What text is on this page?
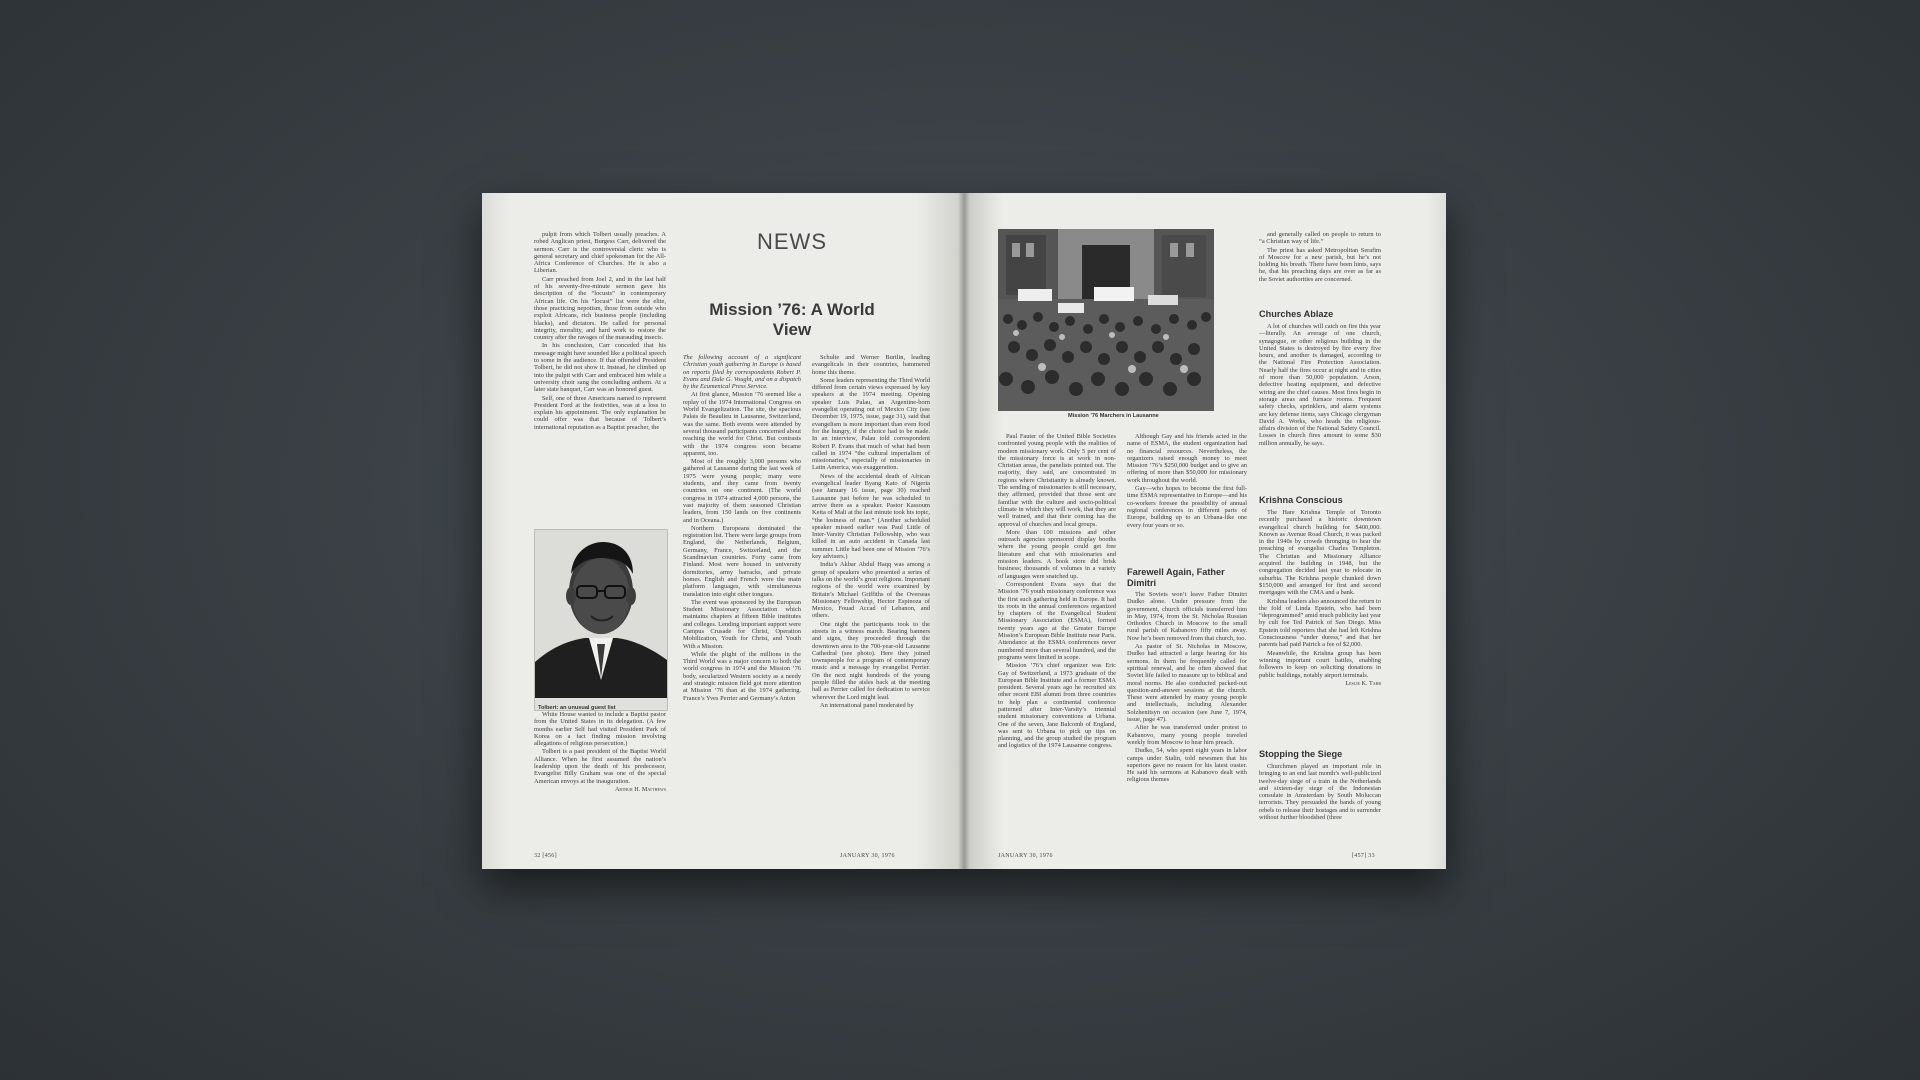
pulpit from which Tolbert usually preaches. A robed Anglican priest, Burgess Carr, delivered the sermon. Carr is the controversial cleric who is general secretary and chief spokesman for the All-Africa Conference of Churches. He is also a Liberian.

Carr preached from Joel 2, and in the last half of his seventy-five-minute sermon gave his description of the “locusts” in contemporary African life. On his “locust” list were the elite, those practicing nepotism, those from outside who exploit Africans, rich business people (including blacks), and dictators. He called for personal integrity, morality, and hard work to restore the country after the ravages of the marauding insects.

In his conclusion, Carr conceded that his message might have sounded like a political speech to some in the audience. If that offended President Tolbert, he did not show it. Instead, he climbed up into the pulpit with Carr and embraced him while a university choir sang the concluding anthem. At a later state banquet, Carr was an honored guest.

Self, one of three Americans named to represent President Ford at the festivities, was at a loss to explain his appointment. The only explanation he could offer was that because of Tolbert’s international reputation as a Baptist preacher, the

Tolbert: an unusual guest list

White House wanted to include a Baptist pastor from the United States in its delegation. (A few months earlier Self had visited President Park of Korea on a fact finding mission involving allegations of religious persecution.)

Tolbert is a past president of the Baptist World Alliance. When he first assumed the nation’s leadership upon the death of his predecessor, Evangelist Billy Graham was one of the special American envoys at the inauguration.

Arthur H. Matthews
NEWS
Mission ’76: A World View

The following account of a significant Christian youth gathering in Europe is based on reports filed by correspondents Robert P. Evans and Dale G. Vought, and on a dispatch by the Ecumenical Press Service.

At first glance, Mission ’76 seemed like a replay of the 1974 International Congress on World Evangelization. The site, the spacious Palais de Beaulieu in Lausanne, Switzerland, was the same. Both events were attended by several thousand participants concerned about reaching the world for Christ. But contrasts with the 1974 congress soon became apparent, too.

Most of the roughly 3,000 persons who gathered at Lausanne during the last week of 1975 were young people; many were students, and they came from twenty countries on one continent. (The world congress in 1974 attracted 4,000 persons, the vast majority of them seasoned Christian leaders, from 150 lands on five continents and in Oceana.)

Northern Europeans dominated the registration list. There were large groups from England, the Netherlands, Belgium, Germany, France, Switzerland, and the Scandinavian countries. Forty came from Finland. Most were housed in university dormitories, army barracks, and private homes. English and French were the main platform languages, with simultaneous translation into eight other tongues.

The event was sponsored by the European Student Missionary Association which maintains chapters at fifteen Bible institutes and colleges. Lending important support were Campus Crusade for Christ, Operation Mobilization, Youth for Christ, and Youth With a Mission.

While the plight of the millions in the Third World was a major concern to both the world congress in 1974 and the Mission ’76 body, secularized Western society as a needy and strategic mission field got more attention at Mission ’76 than at the 1974 gathering. France’s Yves Perrier and Germany’s Anton

Schulte and Werner Burtlin, leading evangelicals in their countries, hammered home this theme.

Some leaders representing the Third World differed from certain views expressed by key speakers at the 1974 meeting. Opening speaker Luis Palau, an Argentine-born evangelist operating out of Mexico City (see December 19, 1975, issue, page 31), said that evangelism is more important than even food for the hungry, if the choice had to be made. In an interview, Palau told correspondent Robert P. Evans that much of what had been called in 1974 “the cultural imperialism of missionaries,” especially of missionaries in Latin America, was exaggeration.

News of the accidental death of African evangelical leader Byang Kato of Nigeria (see January 16 issue, page 30) reached Lausanne just before he was scheduled to arrive there as a speaker. Pastor Kassoum Keita of Mali at the last minute took his topic, “the lostness of man.” (Another scheduled speaker missed earlier was Paul Little of Inter-Varsity Christian Fellowship, who was killed in an auto accident in Canada last summer. Little had been one of Mission ’76’s key advisers.)

India’s Akbar Abdul Haqq was among a group of speakers who presented a series of talks on the world’s great religions. Important regions of the world were examined by Britain’s Michael Griffiths of the Overseas Missionary Fellowship, Hector Espinoza of Mexico, Fouad Accad of Lebanon, and others.

One night the participants took to the streets in a witness march. Bearing banners and signs, they proceeded through the downtown area to the 700-year-old Lausanne Cathedral (see photo). Here they joined townspeople for a program of contemporary music and a message by evangelist Perrier. On the next night hundreds of the young people filled the aisles back at the meeting hall as Perrier called for dedication to service wherever the Lord might lead.

An international panel moderated by

32 [456]	JANUARY 30, 1976
Mission ’76 Marchers in Lausanne

Paul Fauter of the United Bible Societies confronted young people with the realities of modern missionary work. Only 5 per cent of the missionary force is at work in non-Christian areas, the panelists pointed out. The majority, they said, are concentrated in regions where Christianity is already known. The sending of missionaries is still necessary, they affirmed, provided that those sent are familiar with the culture and socio-political climate in which they will work, that they are well trained, and that their coming has the approval of churches and local groups.

More than 100 missions and other outreach agencies sponsored display booths where the young people could get free literature and chat with missionaries and mission leaders. A book store did brisk business; thousands of volumes in a variety of languages were snatched up.

Correspondent Evans says that the Mission ’76 youth missionary conference was the first such gathering held in Europe. It had its roots in the annual conferences organized by chapters of the Evangelical Student Missionary Association (ESMA), formed twenty years ago at the Greater Europe Mission’s European Bible Institute near Paris. Attendance at the ESMA conferences never numbered more than several hundred, and the programs were limited in scope.

Mission ’76’s chief organizer was Eric Gay of Switzerland, a 1973 graduate of the European Bible Institute and a former ESMA president. Several years ago he recruited six other recent EBI alumni from three countries to help plan a continental conference patterned after Inter-Varsity’s triennial student missionary conventions at Urbana. One of the seven, Jane Balcomb of England, was sent to Urbana to pick up tips on planning, and the group studied the program and logistics of the 1974 Lausanne congress.

Although Gay and his friends acted in the name of ESMA, the student organization had no financial resources. Nevertheless, the organizers raised enough money to meet Mission ’76’s $250,000 budget and to give an offering of more than $50,000 for missionary work throughout the world.

Gay—who hopes to become the first full-time ESMA representative in Europe—and his co-workers foresee the possibility of annual regional conferences in different parts of Europe, building up to an Urbana-like one every four years or so.

Farewell Again, Father Dimitri

The Soviets won’t leave Father Dimitri Dudko alone. Under pressure from the government, church officials transferred him in May, 1974, from the St. Nicholas Russian Orthodox Church in Moscow to the small rural parish of Kabanovo fifty miles away. Now he’s been removed from that church, too.

As pastor of St. Nicholas in Moscow, Dudko had attracted a large hearing for his sermons. In them he frequently called for spiritual renewal, and he often showed that Soviet life failed to measure up to biblical and moral norms. He also conducted packed-out question-and-answer sessions at the church. These were attended by many young people and intellectuals, including Alexander Solzhenitsyn on occasion (see June 7, 1974, issue, page 47).

After he was transferred under protest to Kabanovo, many young people traveled weekly from Moscow to hear him preach.

Dudko, 54, who spent eight years in labor camps under Stalin, told newsmen that his superiors gave no reason for his latest ouster. He said his sermons at Kabanovo dealt with religious themes

and generally called on people to return to “a Christian way of life.”

The priest has asked Metropolitan Serafim of Moscow for a new parish, but he’s not holding his breath. There have been hints, says he, that his preaching days are over as far as the Soviet authorities are concerned.

Churches Ablaze

A lot of churches will catch on fire this year—literally. An average of one church, synagogue, or other religious building in the United States is destroyed by fire every five hours, and another is damaged, according to the National Fire Protection Association. Nearly half the fires occur at night and in cities of more than 50,000 population. Arson, defective heating equipment, and defective wiring are the chief causes. Most fires begin in storage areas and furnace rooms. Frequent safety checks, sprinklers, and alarm systems are key defense items, says Chicago clergyman David A. Works, who heads the religious-affairs division of the National Safety Council. Losses in church fires amount to some $30 million annually, he says.

Krishna Conscious

The Hare Krishna Temple of Toronto recently purchased a historic downtown evangelical church building for $400,000. Known as Avenue Road Church, it was packed in the 1940s by crowds thronging to hear the preaching of evangelist Charles Templeton. The Christian and Missionary Alliance acquired the building in 1948, but the congregation decided last year to relocate in suburbia. The Krishna people chunked down $150,000 and arranged for first and second mortgages with the CMA and a bank.

Krishna leaders also announced the return to the fold of Linda Epstein, who had been “deprogrammed” amid much publicity last year by cult foe Ted Patrick of San Diego. Miss Epstein told reporters that she had left Krishna Consciousness “under duress,” and that her parents had paid Patrick a fee of $2,000.

Meanwhile, the Krishna group has been winning important court battles, enabling followers to keep on soliciting donations in public buildings, notably airport terminals.

Leslie K. Tarr
Stopping the Siege

Churchmen played an important role in bringing to an end last month’s well-publicized twelve-day siege of a train in the Netherlands and sixteen-day siege of the Indonesian consulate in Amsterdam by South Moluccan terrorists. They persuaded the bands of young rebels to release their hostages and to surrender without further bloodshed (three

JANUARY 30, 1976	[457] 33
